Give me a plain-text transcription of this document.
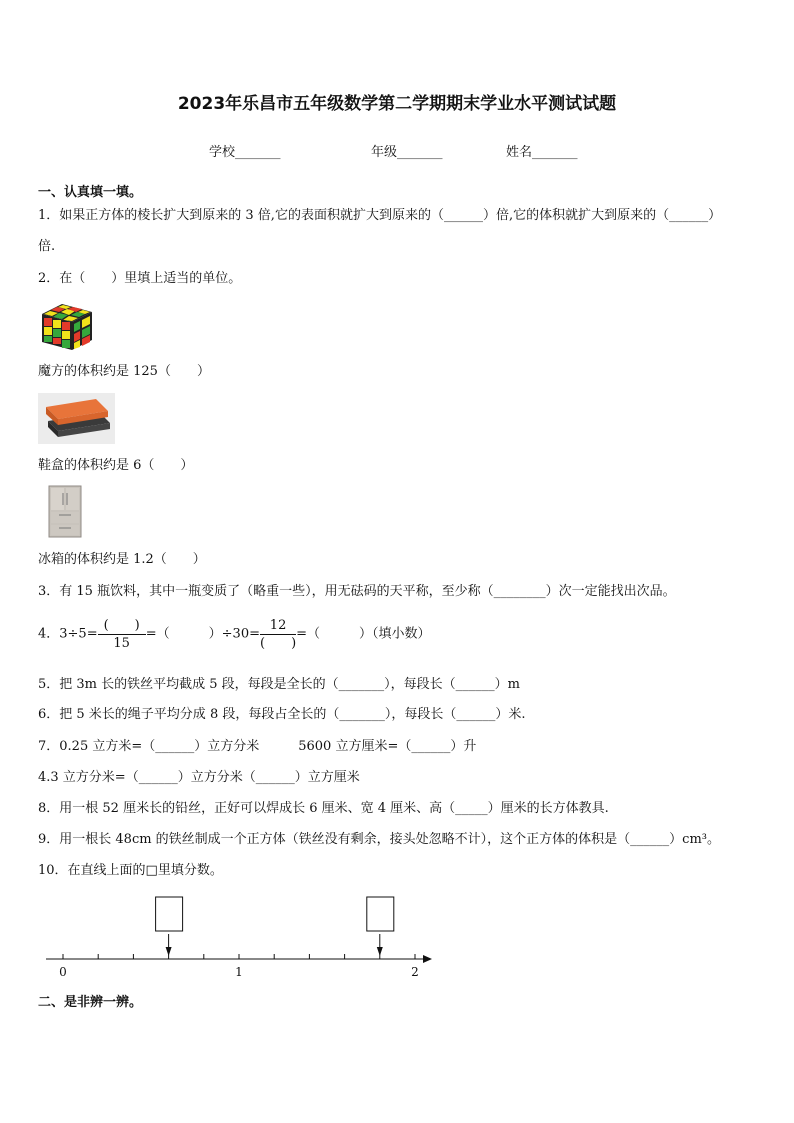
2023年乐昌市五年级数学第二学期期末学业水平测试试题
学校_______	年级_______	姓名_______
一、认真填一填。
1．如果正方体的棱长扩大到原来的 3 倍,它的表面积就扩大到原来的（______）倍,它的体积就扩大到原来的（______）
倍.
2．在（　　）里填上适当的单位。
魔方的体积约是 125（　　）
鞋盒的体积约是 6（　　）
冰箱的体积约是 1.2（　　）
3．有 15 瓶饮料，其中一瓶变质了（略重一些），用无砝码的天平称，至少称（________）次一定能找出次品。
4．$3\div 5= \frac{( )}{15}$ =（　　　）$\div 30= \frac{12}{( )}$ =（　　　）（填小数）
5．把 3m 长的铁丝平均截成 5 段，每段是全长的（_______），每段长（______）m
6．把 5 米长的绳子平均分成 8 段，每段占全长的（_______），每段长（______）米.
7．0.25 立方米=（______）立方分米　　　5600 立方厘米=（______）升
4.3 立方分米=（______）立方分米（______）立方厘米
8．用一根 52 厘米长的铅丝，正好可以焊成长 6 厘米、宽 4 厘米、高（_____）厘米的长方体教具.
9．用一根长 48cm 的铁丝制成一个正方体（铁丝没有剩余，接头处忽略不计），这个正方体的体积是（______）cm³。
10．在直线上面的□里填分数。
0	1	2
二、是非辨一辨。
